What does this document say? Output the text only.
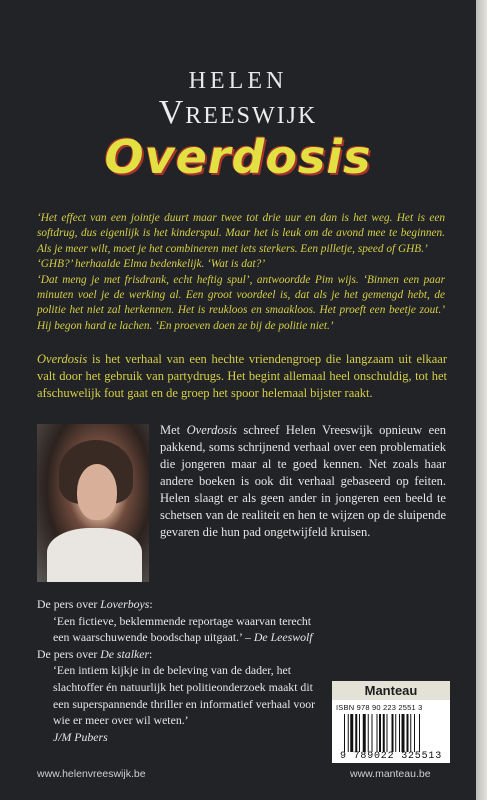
HELEN
Vreeswijk
Overdosis

‘Het effect van een jointje duurt maar twee tot drie uur en dan is het weg. Het is een softdrug, dus eigenlijk is het kinderspul. Maar het is leuk om de avond mee te beginnen. Als je meer wilt, moet je het combineren met iets sterkers. Een pilletje, speed of GHB.’

‘GHB?’ herhaalde Elma bedenkelijk. ‘Wat is dat?’

‘Dat meng je met frisdrank, echt heftig spul’, antwoordde Pim wijs. ‘Binnen een paar minuten voel je de werking al. Een groot voordeel is, dat als je het gemengd hebt, de politie het niet zal herkennen. Het is reukloos en smaakloos. Het proeft een beetje zout.’ Hij begon hard te lachen. ‘En proeven doen ze bij de politie niet.’

Overdosis is het verhaal van een hechte vriendengroep die langzaam uit elkaar valt door het gebruik van partydrugs. Het begint allemaal heel onschuldig, tot het afschuwelijk fout gaat en de groep het spoor helemaal bijster raakt.
Met Overdosis schreef Helen Vreeswijk opnieuw een pakkend, soms schrijnend verhaal over een problematiek die jongeren maar al te goed kennen. Net zoals haar andere boeken is ook dit verhaal gebaseerd op feiten. Helen slaagt er als geen ander in jongeren een beeld te schetsen van de realiteit en hen te wijzen op de sluipende gevaren die hun pad ongetwijfeld kruisen.

De pers over Loverboys:

‘Een fictieve, beklemmende reportage waarvan terecht een waarschuwende boodschap uitgaat.’ – De Leeswolf

De pers over De stalker:

‘Een intiem kijkje in de beleving van de dader, het slachtoffer én natuurlijk het politieonderzoek maakt dit een superspannende thriller en informatief verhaal voor wie er meer over wil weten.’

J/M Pubers

Manteau
ISBN 978 90 223 2551 3
9 789022 325513
www.helenvreeswijk.be	www.manteau.be
